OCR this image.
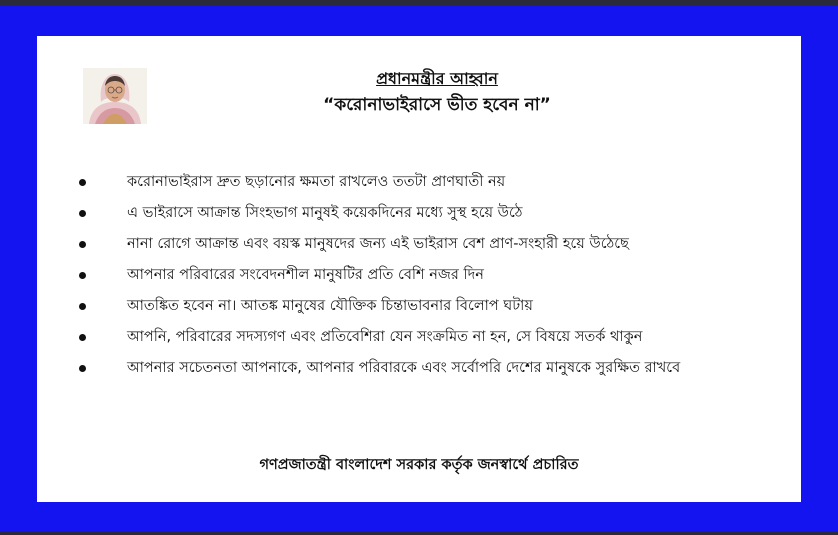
প্রধানমন্ত্রীর আহ্বান
“করোনাভাইরাসে ভীত হবেন না”
করোনাভাইরাস দ্রুত ছড়ানোর ক্ষমতা রাখলেও ততটা প্রাণঘাতী নয়
এ ভাইরাসে আক্রান্ত সিংহভাগ মানুষই কয়েকদিনের মধ্যে সুস্থ হয়ে উঠে
নানা রোগে আক্রান্ত এবং বয়স্ক মানুষদের জন্য এই ভাইরাস বেশ প্রাণ-সংহারী হয়ে উঠেছে
আপনার পরিবারের সংবেদনশীল মানুষটির প্রতি বেশি নজর দিন
আতঙ্কিত হবেন না। আতঙ্ক মানুষের যৌক্তিক চিন্তাভাবনার বিলোপ ঘটায়
আপনি, পরিবারের সদস্যগণ এবং প্রতিবেশিরা যেন সংক্রমিত না হন, সে বিষয়ে সতর্ক থাকুন
আপনার সচেতনতা আপনাকে, আপনার পরিবারকে এবং সর্বোপরি দেশের মানুষকে সুরক্ষিত রাখবে
গণপ্রজাতন্ত্রী বাংলাদেশ সরকার কর্তৃক জনস্বার্থে প্রচারিত
